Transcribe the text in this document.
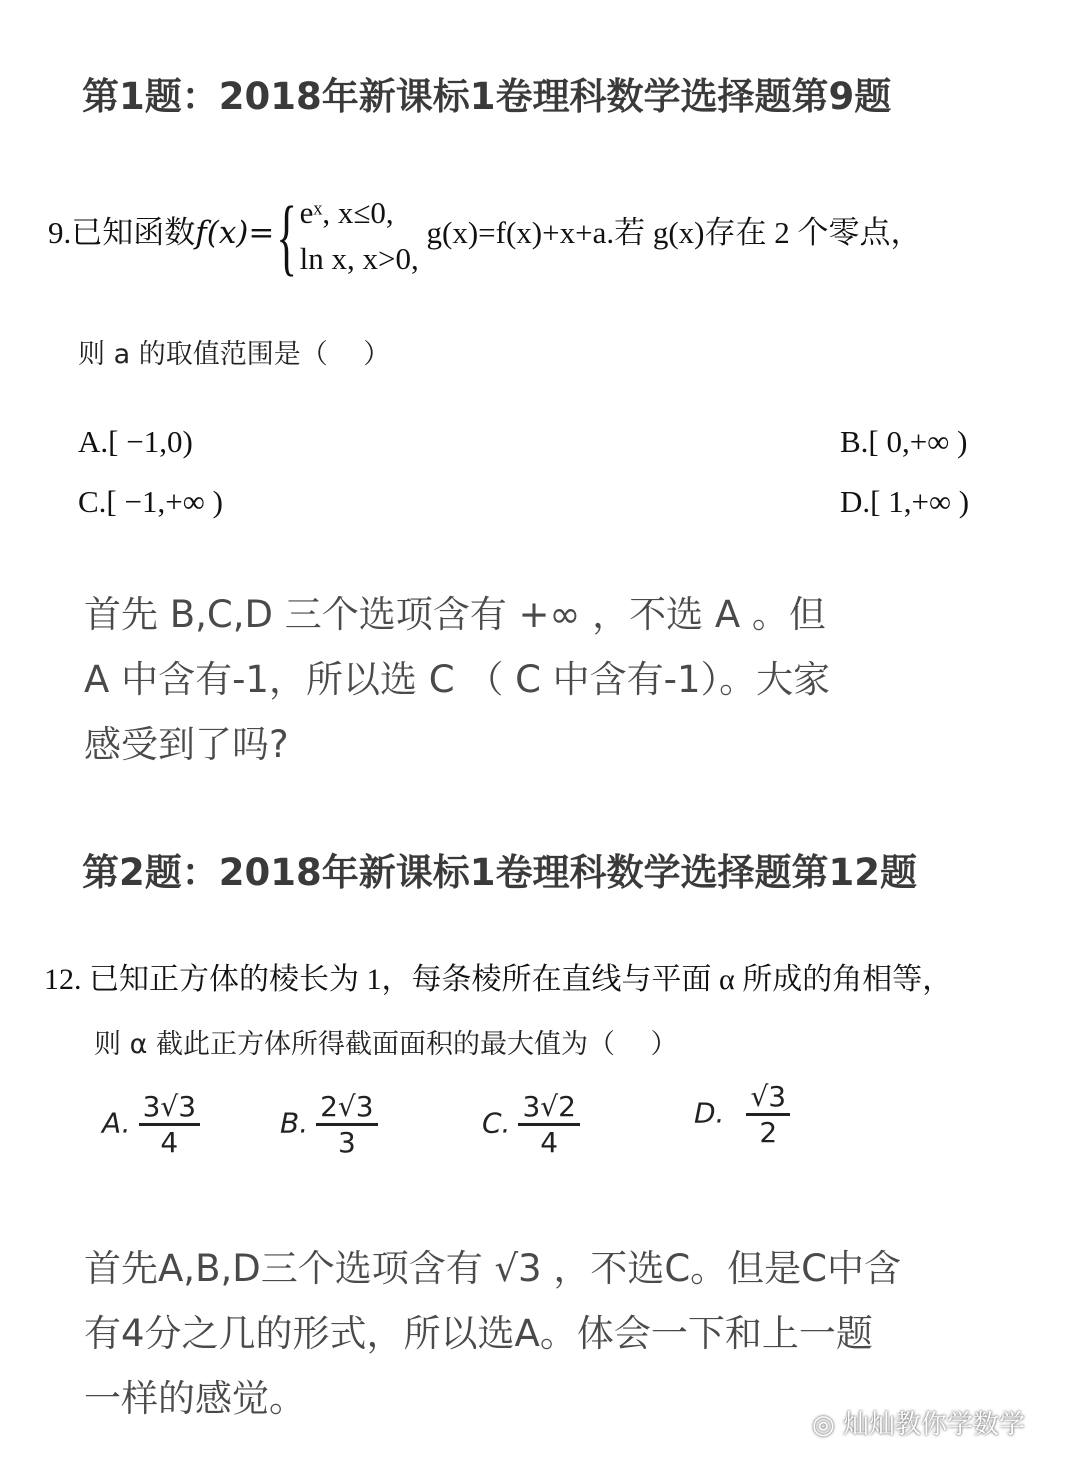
第1题：2018年新课标1卷理科数学选择题第9题
9.已知函数f(x)={eˣ, x≤0,
ln x, x>0, g(x)=f(x)+x+a.若 g(x)存在 2 个零点，
则 a 的取值范围是（　 ）
A.[ −1,0)	B.[ 0,+∞ )
C.[ −1,+∞ )	D.[ 1,+∞ )
首先 B,C,D 三个选项含有 +∞ ，不选 A 。但
A 中含有-1，所以选 C （ C 中含有-1）。大家
感受到了吗?
第2题：2018年新课标1卷理科数学选择题第12题
12. 已知正方体的棱长为 1，每条棱所在直线与平面 α 所成的角相等，
则 α 截此正方体所得截面面积的最大值为（　 ）
A. $\frac{3√3}{4}$	B. $\frac{2√3}{3}$	C. $\frac{3√2}{4}$	D. $\frac{√3}{2}$
首先A,B,D三个选项含有 √3 ，不选C。但是C中含
有4分之几的形式，所以选A。体会一下和上一题
一样的感觉。
◎ 灿灿教你学数学
